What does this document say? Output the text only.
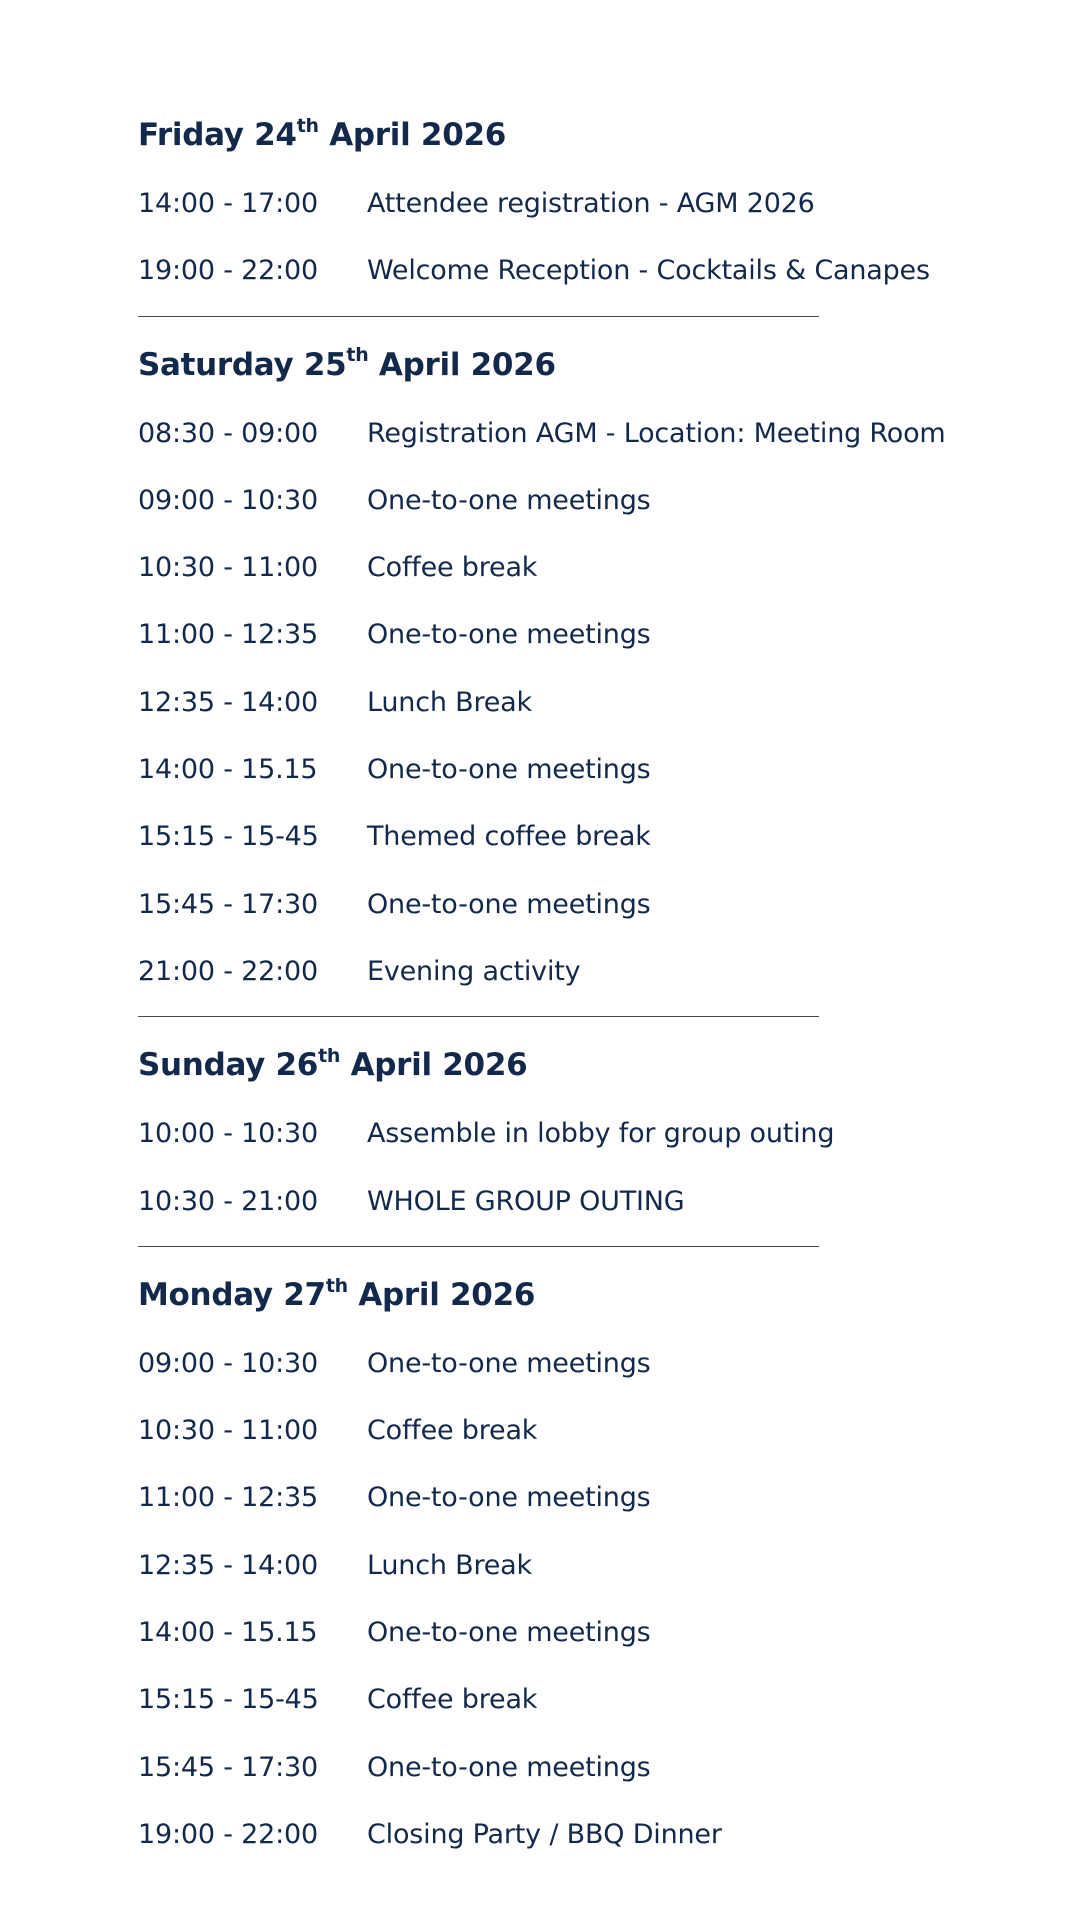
Friday 24th April 2026
14:00 - 17:00	Attendee registration - AGM 2026
19:00 - 22:00	Welcome Reception - Cocktails & Canapes
Saturday 25th April 2026
08:30 - 09:00	Registration AGM - Location: Meeting Room
09:00 - 10:30	One-to-one meetings
10:30 - 11:00	Coffee break
11:00 - 12:35	One-to-one meetings
12:35 - 14:00	Lunch Break
14:00 - 15.15	One-to-one meetings
15:15 - 15-45	Themed coffee break
15:45 - 17:30	One-to-one meetings
21:00 - 22:00	Evening activity
Sunday 26th April 2026
10:00 - 10:30	Assemble in lobby for group outing
10:30 - 21:00	WHOLE GROUP OUTING
Monday 27th April 2026
09:00 - 10:30	One-to-one meetings
10:30 - 11:00	Coffee break
11:00 - 12:35	One-to-one meetings
12:35 - 14:00	Lunch Break
14:00 - 15.15	One-to-one meetings
15:15 - 15-45	Coffee break
15:45 - 17:30	One-to-one meetings
19:00 - 22:00	Closing Party / BBQ Dinner
